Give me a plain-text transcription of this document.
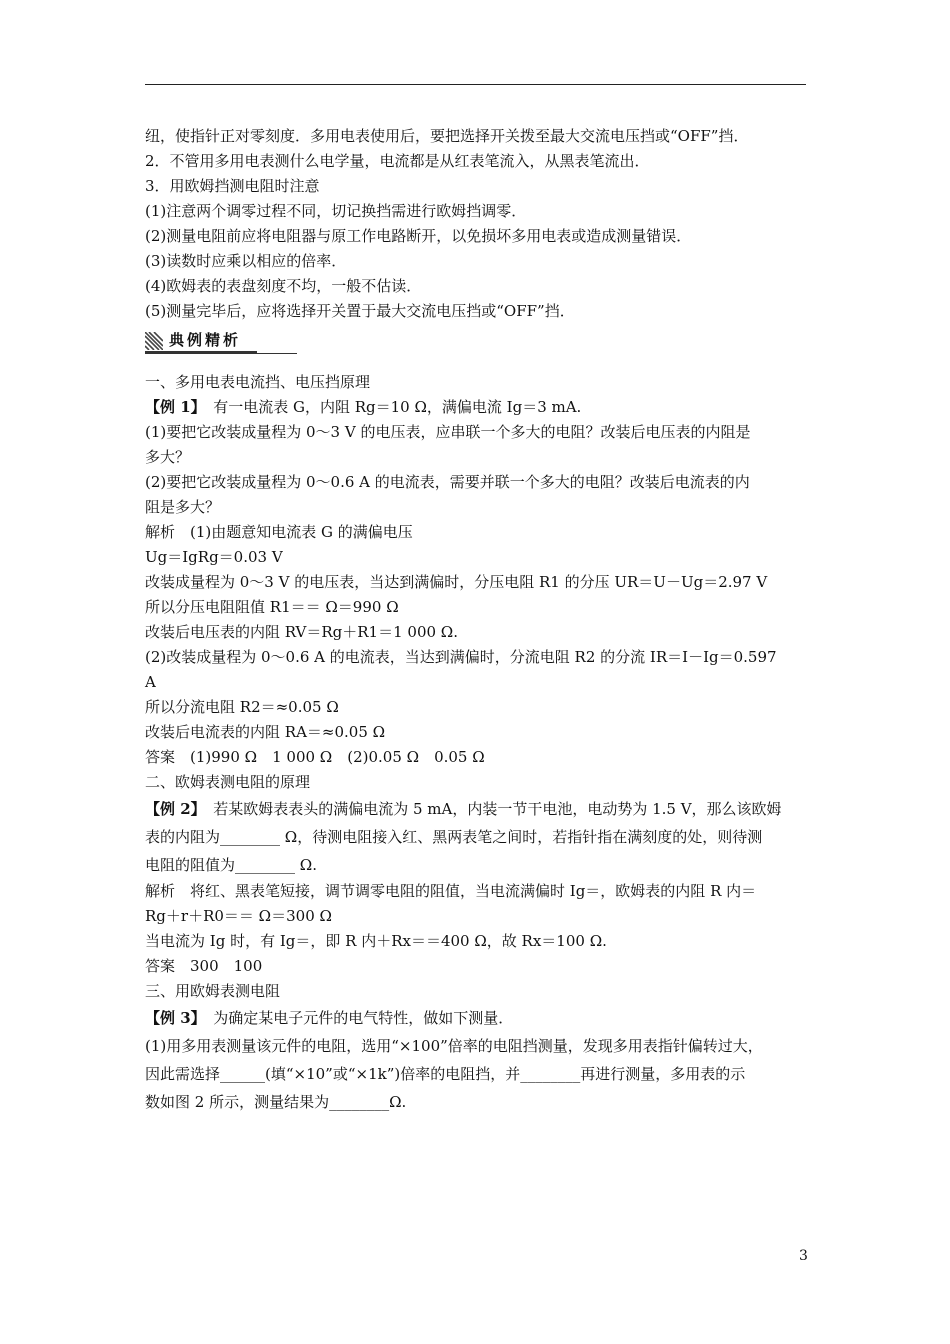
纽，使指针正对零刻度．多用电表使用后，要把选择开关拨至最大交流电压挡或“OFF”挡．
2．不管用多用电表测什么电学量，电流都是从红表笔流入，从黑表笔流出．
3．用欧姆挡测电阻时注意
(1)注意两个调零过程不同，切记换挡需进行欧姆挡调零．
(2)测量电阻前应将电阻器与原工作电路断开，以免损坏多用电表或造成测量错误．
(3)读数时应乘以相应的倍率．
(4)欧姆表的表盘刻度不均，一般不估读．
(5)测量完毕后，应将选择开关置于最大交流电压挡或“OFF”挡．
典例精析
一、多用电表电流挡、电压挡原理
【例 1】　 有一电流表 G，内阻 Rg＝10 Ω，满偏电流 Ig＝3 mA.
(1)要把它改装成量程为 0～3 V 的电压表，应串联一个多大的电阻？改装后电压表的内阻是
多大？
(2)要把它改装成量程为 0～0.6 A 的电流表，需要并联一个多大的电阻？改装后电流表的内
阻是多大？
解析　(1)由题意知电流表 G 的满偏电压
Ug＝IgRg＝0.03 V
改装成量程为 0～3 V 的电压表，当达到满偏时，分压电阻 R1 的分压 UR＝U－Ug＝2.97 V
所以分压电阻阻值 R1＝＝ Ω＝990 Ω
改装后电压表的内阻 RV＝Rg＋R1＝1 000 Ω.
(2)改装成量程为 0～0.6 A 的电流表，当达到满偏时，分流电阻 R2 的分流 IR＝I－Ig＝0.597
A
所以分流电阻 R2＝≈0.05 Ω
改装后电流表的内阻 RA＝≈0.05 Ω
答案　(1)990 Ω　1 000 Ω　(2)0.05 Ω　0.05 Ω
二、欧姆表测电阻的原理
【例 2】　 若某欧姆表表头的满偏电流为 5 mA，内装一节干电池，电动势为 1.5 V，那么该欧姆
表的内阻为________ Ω，待测电阻接入红、黑两表笔之间时，若指针指在满刻度的处，则待测
电阻的阻值为________ Ω.
解析　将红、黑表笔短接，调节调零电阻的阻值，当电流满偏时 Ig＝，欧姆表的内阻 R 内＝
Rg＋r＋R0＝＝ Ω＝300 Ω
当电流为 Ig 时，有 Ig＝，即 R 内＋Rx＝＝400 Ω，故 Rx＝100 Ω.
答案　300　100
三、用欧姆表测电阻
【例 3】　 为确定某电子元件的电气特性，做如下测量．
(1)用多用表测量该元件的电阻，选用“×100”倍率的电阻挡测量，发现多用表指针偏转过大，
因此需选择______(填“×10”或“×1k”)倍率的电阻挡，并________再进行测量，多用表的示
数如图 2 所示，测量结果为________Ω.
3
